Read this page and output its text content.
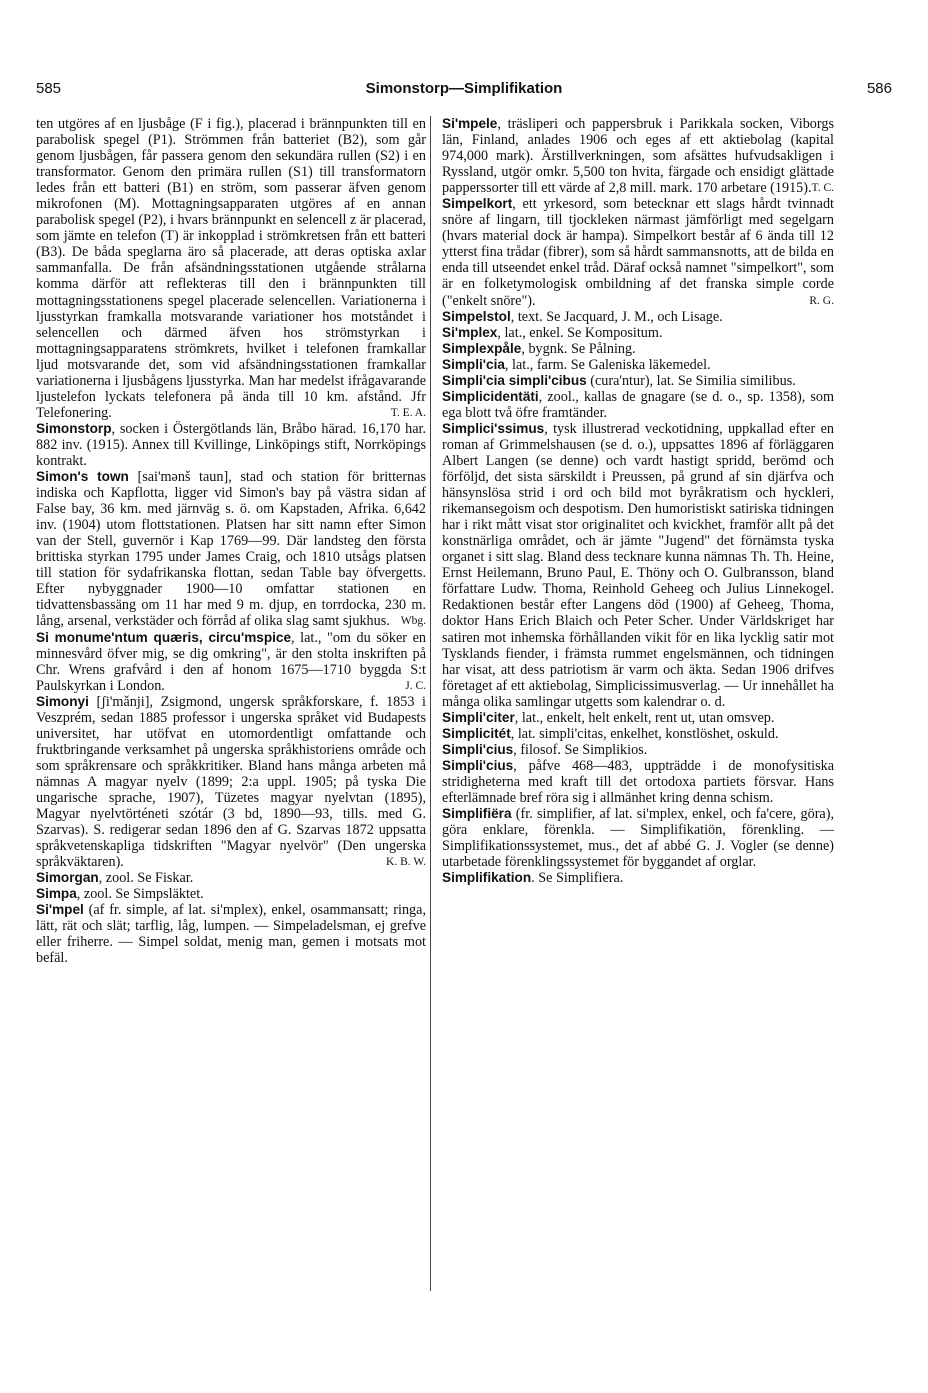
585	Simonstorp—Simplifikation	586

ten utgöres af en ljusbåge (F i fig.), placerad i brännpunkten till en parabolisk spegel (P1). Strömmen från batteriet (B2), som går genom ljusbågen, får passera genom den sekundära rullen (S2) i en transformator. Genom den primära rullen (S1) till transformatorn ledes från ett batteri (B1) en ström, som passerar äfven genom mikrofonen (M). Mottagningsapparaten utgöres af en annan parabolisk spegel (P2), i hvars brännpunkt en selencell z är placerad, som jämte en telefon (T) är inkopplad i strömkretsen från ett batteri (B3). De båda speglarna äro så placerade, att deras optiska axlar sammanfalla. De från afsändningsstationen utgående strålarna komma därför att reflekteras till den i brännpunkten till mottagningsstationens spegel placerade selencellen. Variationerna i ljusstyrkan framkalla motsvarande variationer hos motståndet i selencellen och därmed äfven hos strömstyrkan i mottagningsapparatens strömkrets, hvilket i telefonen framkallar ljud motsvarande det, som vid afsändningsstationen framkallar variationerna i ljusbågens ljusstyrka. Man har medelst ifrågavarande ljustelefon lyckats telefonera på ända till 10 km. afstånd. Jfr Telefonering.	T. E. A.

Simonstorp, socken i Östergötlands län, Bråbo härad. 16,170 har. 882 inv. (1915). Annex till Kvillinge, Linköpings stift, Norrköpings kontrakt.

Simon's town [sai'mənš taun], stad och station för britternas indiska och Kapflotta, ligger vid Simon's bay på västra sidan af False bay, 36 km. med järnväg s. ö. om Kapstaden, Afrika. 6,642 inv. (1904) utom flottstationen. Platsen har sitt namn efter Simon van der Stell, guvernör i Kap 1769—99. Där landsteg den första brittiska styrkan 1795 under James Craig, och 1810 utsågs platsen till station för sydafrikanska flottan, sedan Table bay öfvergetts. Efter nybyggnader 1900—10 omfattar stationen en tidvattensbassäng om 11 har med 9 m. djup, en torrdocka, 230 m. lång, arsenal, verkstäder och förråd af olika slag samt sjukhus. Wbg.

Si monume'ntum quæris, circu'mspice, lat., "om du söker en minnesvård öfver mig, se dig omkring", är den stolta inskriften på Chr. Wrens grafvård i den af honom 1675—1710 byggda S:t Paulskyrkan i London.	J. C.

Simonyi [ʃi'mǎnji], Zsigmond, ungersk språkforskare, f. 1853 i Veszprém, sedan 1885 professor i ungerska språket vid Budapests universitet, har utöfvat en utomordentligt omfattande och fruktbringande verksamhet på ungerska språkhistoriens område och som språkrensare och språkkritiker. Bland hans många arbeten må nämnas A magyar nyelv (1899; 2:a uppl. 1905; på tyska Die ungarische sprache, 1907), Tüzetes magyar nyelvtan (1895), Magyar nyelvtörténeti szótár (3 bd, 1890—93, tills. med G. Szarvas). S. redigerar sedan 1896 den af G. Szarvas 1872 uppsatta språkvetenskapliga tidskriften "Magyar nyelvör" (Den ungerska språkväktaren).	K. B. W.

Simorgan, zool. Se Fiskar.

Simpa, zool. Se Simpsläktet.

Si'mpel (af fr. simple, af lat. si'mplex), enkel, osammansatt; ringa, lätt, rät och slät; tarflig, låg, lumpen. — Simpeladelsman, ej grefve eller friherre. — Simpel soldat, menig man, gemen i motsats mot befäl.

Si'mpele, träsliperi och pappersbruk i Parikkala socken, Viborgs län, Finland, anlades 1906 och eges af ett aktiebolag (kapital 974,000 mark). Ärstillverkningen, som afsättes hufvudsakligen i Ryssland, utgör omkr. 5,500 ton hvita, färgade och ensidigt glättade papperssorter till ett värde af 2,8 mill. mark. 170 arbetare (1915). T. C.

Simpelkort, ett yrkesord, som betecknar ett slags hårdt tvinnadt snöre af lingarn, till tjockleken närmast jämförligt med segelgarn (hvars material dock är hampa). Simpelkort består af 6 ända till 12 ytterst fina trådar (fibrer), som så hårdt sammansnotts, att de bilda en enda till utseendet enkel tråd. Däraf också namnet "simpelkort", som är en folketymologisk ombildning af det franska simple corde ("enkelt snöre").	R. G.

Simpelstol, text. Se Jacquard, J. M., och Lisage.

Si'mplex, lat., enkel. Se Kompositum.

Simplexpåle, bygnk. Se Pålning.

Simpli'cia, lat., farm. Se Galeniska läkemedel.

Simpli'cia simpli'cibus (cura'ntur), lat. Se Similia similibus.

Simplicidentäti, zool., kallas de gnagare (se d. o., sp. 1358), som ega blott två öfre framtänder.

Simplici'ssimus, tysk illustrerad veckotidning, uppkallad efter en roman af Grimmelshausen (se d. o.), uppsattes 1896 af förläggaren Albert Langen (se denne) och vardt hastigt spridd, berömd och förföljd, det sista särskildt i Preussen, på grund af sin djärfva och hänsynslösa strid i ord och bild mot byråkratism och hyckleri, rikemansegoism och despotism. Den humoristiskt satiriska tidningen har i rikt mått visat stor originalitet och kvickhet, framför allt på det konstnärliga området, och är jämte "Jugend" det förnämsta tyska organet i sitt slag. Bland dess tecknare kunna nämnas Th. Th. Heine, Ernst Heilemann, Bruno Paul, E. Thöny och O. Gulbransson, bland författare Ludw. Thoma, Reinhold Geheeg och Julius Linnekogel. Redaktionen består efter Langens död (1900) af Geheeg, Thoma, doktor Hans Erich Blaich och Peter Scher. Under Världskriget har satiren mot inhemska förhållanden vikit för en lika lycklig satir mot Tysklands fiender, i främsta rummet engelsmännen, och tidningen har visat, att dess patriotism är varm och äkta. Sedan 1906 drifves företaget af ett aktiebolag, Simplicissimusverlag. — Ur innehållet ha många olika samlingar utgetts som kalendrar o. d.

Simpli'citer, lat., enkelt, helt enkelt, rent ut, utan omsvep.

Simplicitét, lat. simpli'citas, enkelhet, konstlöshet, oskuld.

Simpli'cius, filosof. Se Simplikios.

Simpli'cius, påfve 468—483, uppträdde i de monofysitiska stridigheterna med kraft till det ortodoxa partiets försvar. Hans efterlämnade bref röra sig i allmänhet kring denna schism.

Simplifiëra (fr. simplifier, af lat. si'mplex, enkel, och fa'cere, göra), göra enklare, förenkla. — Simplifikatiön, förenkling. — Simplifikationssystemet, mus., det af abbé G. J. Vogler (se denne) utarbetade förenklingssystemet för byggandet af orglar.

Simplifikation. Se Simplifiera.
